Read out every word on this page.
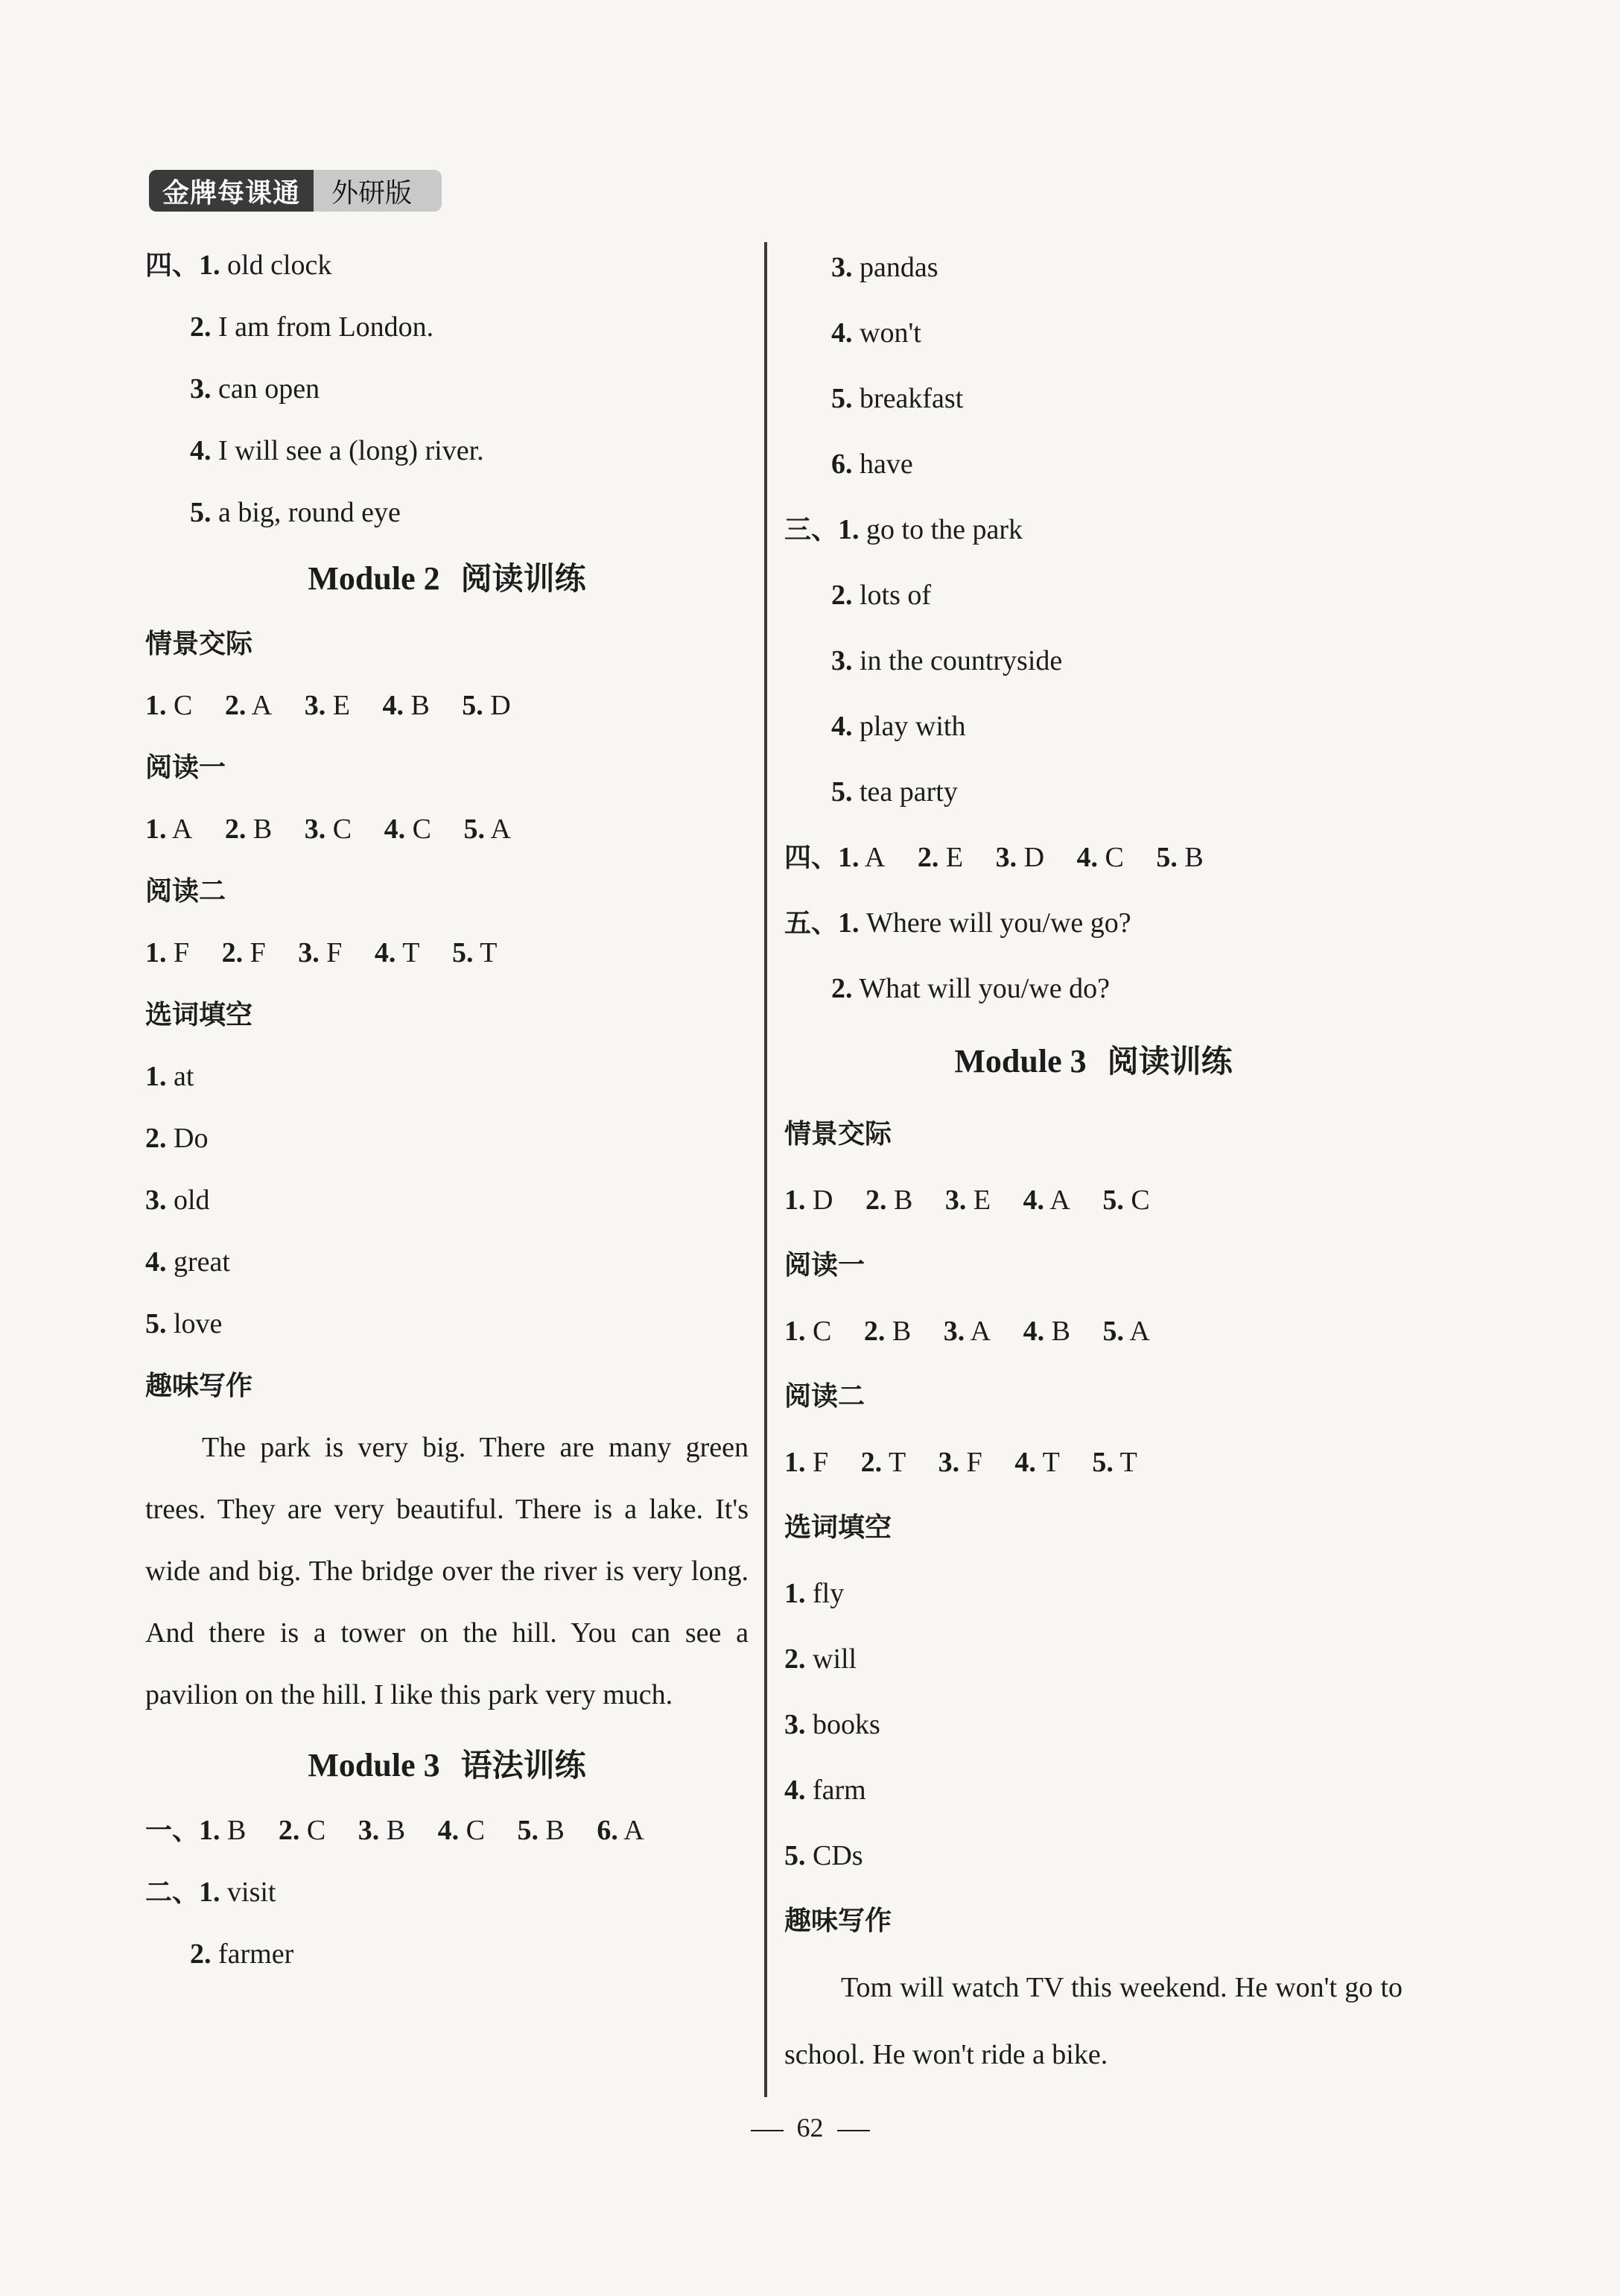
金牌每课通	外研版
四、1. old clock
2. I am from London.
3. can open
4. I will see a (long) river.
5. a big, round eye
Module 2 阅读训练
情景交际
1. C 2. A 3. E 4. B 5. D
阅读一
1. A 2. B 3. C 4. C 5. A
阅读二
1. F 2. F 3. F 4. T 5. T
选词填空
1. at
2. Do
3. old
4. great
5. love
趣味写作

The park is very big. There are many green trees. They are very beautiful. There is a lake. It's wide and big. The bridge over the river is very long. And there is a tower on the hill. You can see a pavilion on the hill. I like this park very much.

Module 3 语法训练
一、1. B 2. C 3. B 4. C 5. B 6. A
二、1. visit
2. farmer
3. pandas
4. won't
5. breakfast
6. have
三、1. go to the park
2. lots of
3. in the countryside
4. play with
5. tea party
四、1. A 2. E 3. D 4. C 5. B
五、1. Where will you/we go?
2. What will you/we do?
Module 3 阅读训练
情景交际
1. D 2. B 3. E 4. A 5. C
阅读一
1. C 2. B 3. A 4. B 5. A
阅读二
1. F 2. T 3. F 4. T 5. T
选词填空
1. fly
2. will
3. books
4. farm
5. CDs
趣味写作

Tom will watch TV this weekend. He won't go to school. He won't ride a bike.

62
